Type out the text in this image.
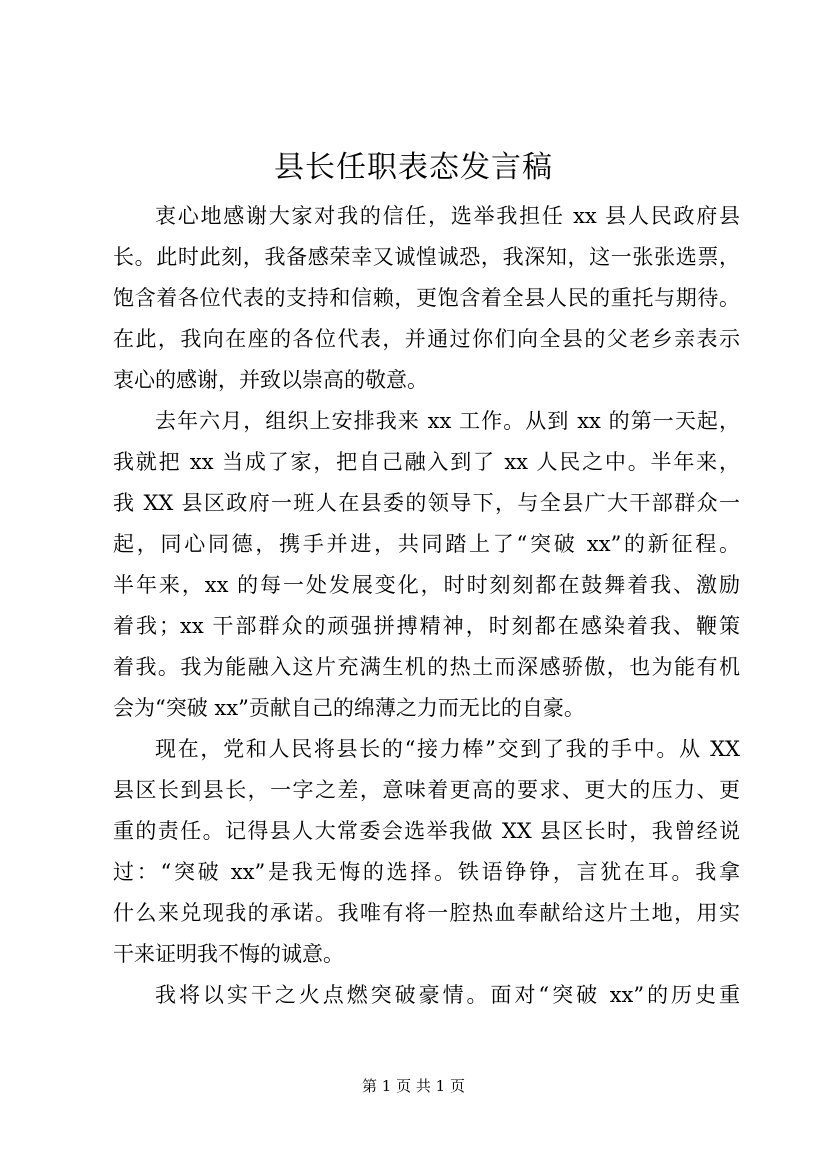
县长任职表态发言稿
衷心地感谢大家对我的信任，选举我担任 xx 县人民政府县
长。此时此刻，我备感荣幸又诚惶诚恐，我深知，这一张张选票，
饱含着各位代表的支持和信赖，更饱含着全县人民的重托与期待。
在此，我向在座的各位代表，并通过你们向全县的父老乡亲表示
衷心的感谢，并致以崇高的敬意。
去年六月，组织上安排我来 xx 工作。从到 xx 的第一天起，
我就把 xx 当成了家，把自己融入到了 xx 人民之中。半年来，
我 XX 县区政府一班人在县委的领导下，与全县广大干部群众一
起，同心同德，携手并进，共同踏上了“突破 xx”的新征程。
半年来，xx 的每一处发展变化，时时刻刻都在鼓舞着我、激励
着我；xx 干部群众的顽强拼搏精神，时刻都在感染着我、鞭策
着我。我为能融入这片充满生机的热土而深感骄傲，也为能有机
会为“突破 xx”贡献自己的绵薄之力而无比的自豪。
现在，党和人民将县长的“接力棒”交到了我的手中。从 XX
县区长到县长，一字之差，意味着更高的要求、更大的压力、更
重的责任。记得县人大常委会选举我做 XX 县区长时，我曾经说
过：“突破 xx”是我无悔的选择。铁语铮铮，言犹在耳。我拿
什么来兑现我的承诺。我唯有将一腔热血奉献给这片土地，用实
干来证明我不悔的诚意。
我将以实干之火点燃突破豪情。面对“突破 xx”的历史重
第 1 页 共 1 页
